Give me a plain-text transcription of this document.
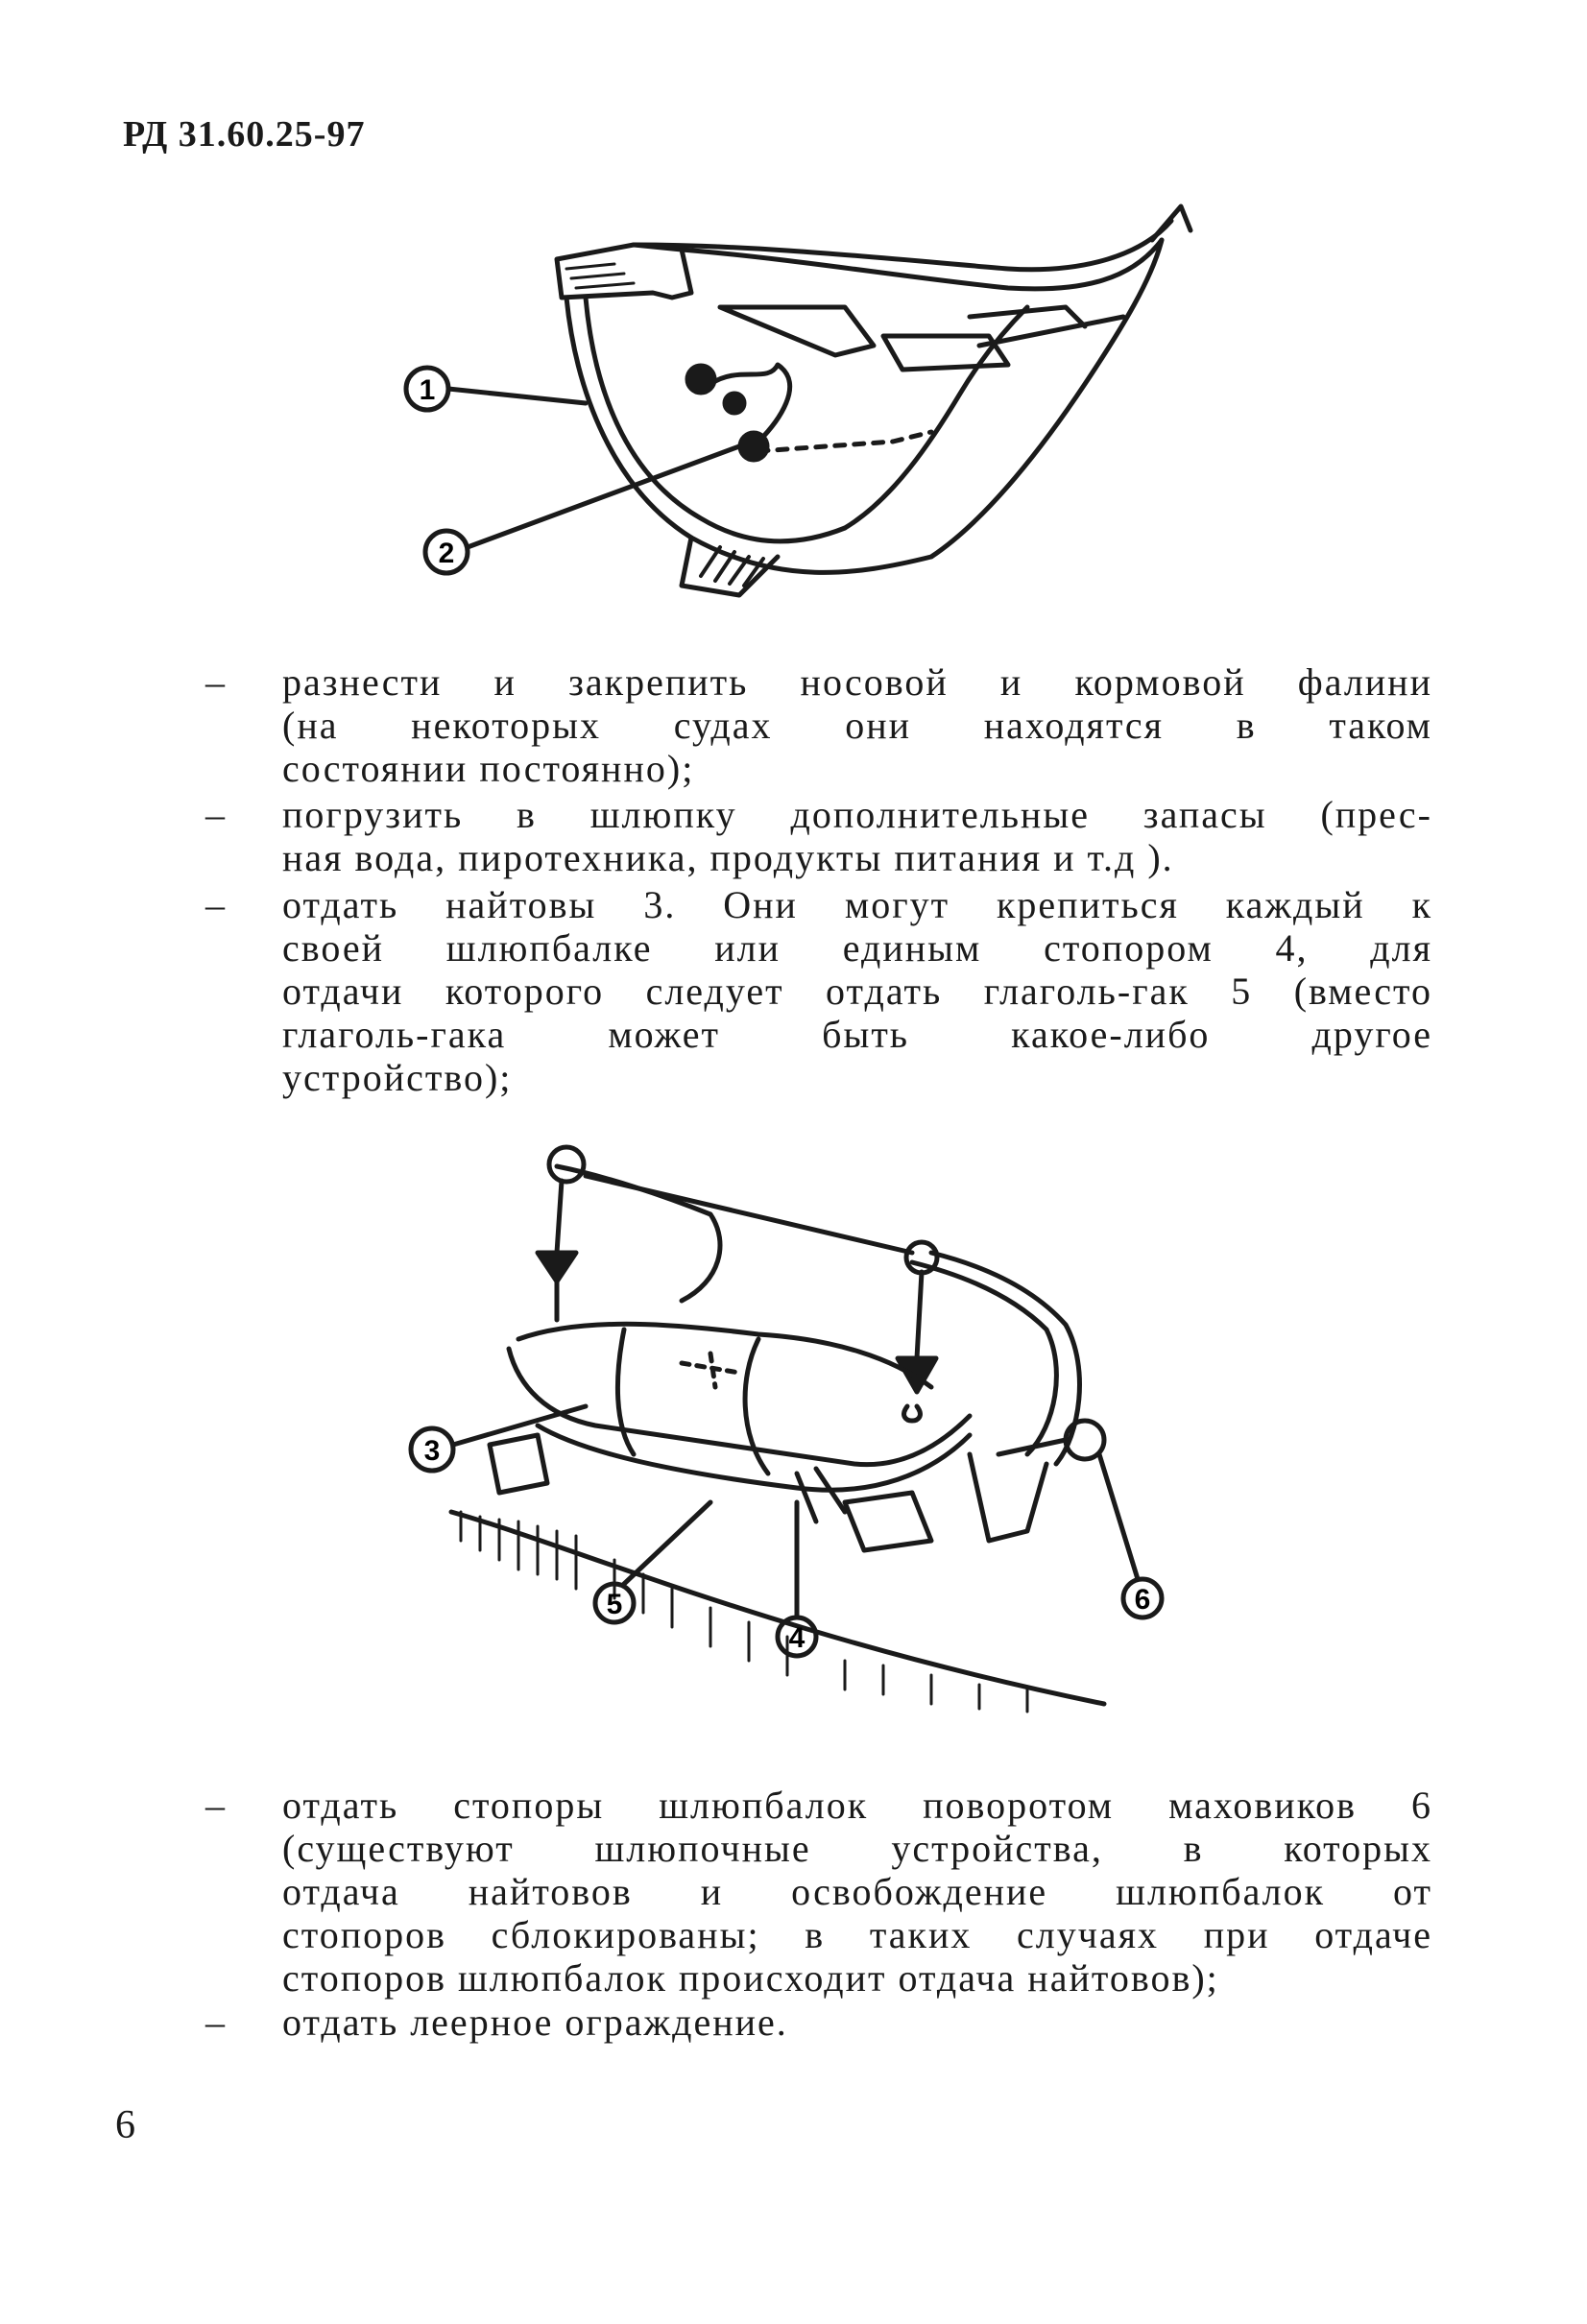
РД 31.60.25-97
1
2
– разнести и закрепить носовой и кормовой фалини
(на некоторых судах они находятся в таком
состоянии постоянно);
– погрузить в шлюпку дополнительные запасы (прес-
ная вода, пиротехника, продукты питания и т.д ).
– отдать найтовы 3. Они могут крепиться каждый к
своей шлюпбалке или единым стопором 4, для
отдачи которого следует отдать глаголь-гак 5 (вместо
глаголь-гака может быть какое-либо другое
устройство);
3
5
4
6
– отдать стопоры шлюпбалок поворотом маховиков 6
(существуют шлюпочные устройства, в которых
отдача найтовов и освобождение шлюпбалок от
стопоров сблокированы; в таких случаях при отдаче
стопоров шлюпбалок происходит отдача найтовов);
– отдать леерное ограждение.
6
